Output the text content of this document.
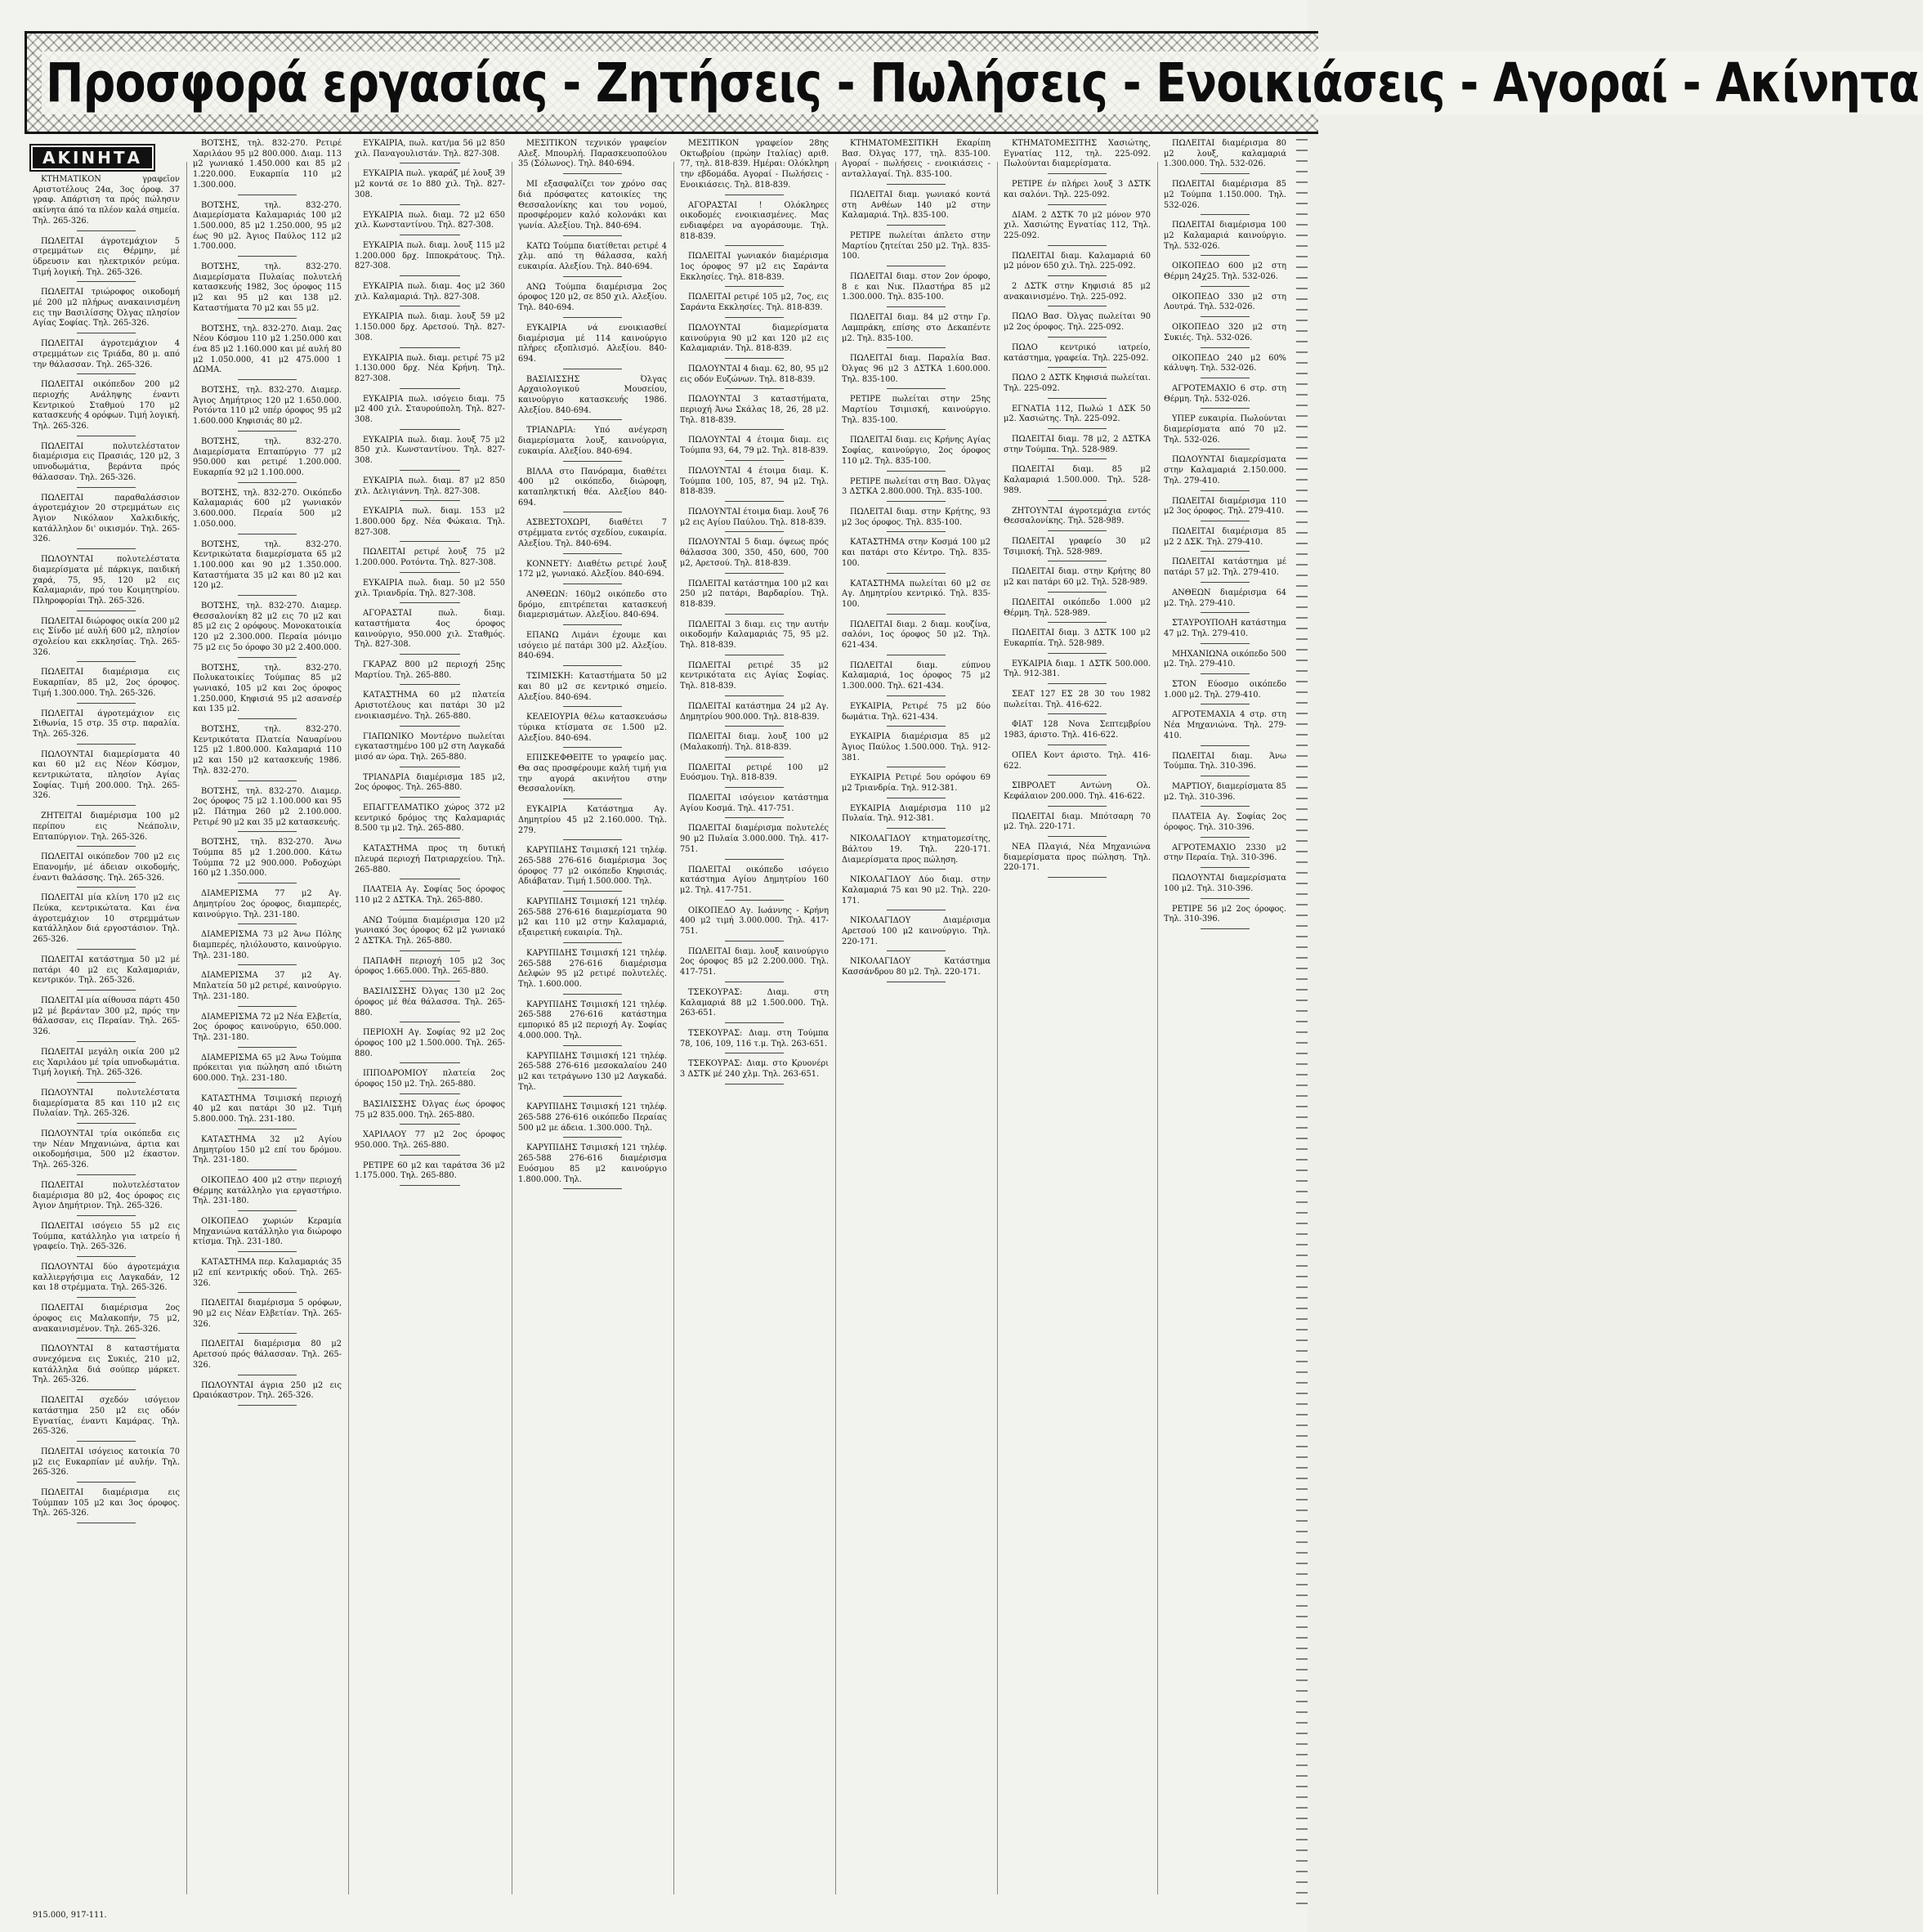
Προσφορά εργασίας - Ζητήσεις - Πωλήσεις - Ενοικιάσεις - Αγοραί - Ακίνητα
ΑΚΙΝΗΤΑ

ΚΤΗΜΑΤΙΚΟΝ γραφεϊον Αριστοτέλους 24α, 3ος όροφ. 37 γραφ. Απάρτιση τα πρός πώλησιν ακίνητα άπό τα πλέον καλά σημεία. Τηλ. 265-326.

ΠΩΛΕΙΤΑΙ άγροτεμάχιον 5 στρεμμάτων εις Θέρμην, μέ ύδρευσιν και ηλεκτρικόν ρεύμα. Τιμή λογική. Τηλ. 265-326.

ΠΩΛΕΙΤΑΙ τριώροφος οικοδομή μέ 200 μ2 πλήρως ανακαινισμένη εις την Βασιλίσσης Όλγας πλησίον Αγίας Σοφίας. Τηλ. 265-326.

ΠΩΛΕΙΤΑΙ άγροτεμάχιον 4 στρεμμάτων εις Τριάδα, 80 μ. από την θάλασσαν. Τηλ. 265-326.

ΠΩΛΕΙΤΑΙ οικόπεδον 200 μ2 περιοχής Ανάληψης έναντι Κεντρικού Σταθμού 170 μ2 κατασκευής 4 ορόφων. Τιμή λογική. Τηλ. 265-326.

ΠΩΛΕΙΤΑΙ πολυτελέστατον διαμέρισμα εις Πρασιάς, 120 μ2, 3 υπνοδωμάτια, βεράντα πρός θάλασσαν. Τηλ. 265-326.

ΠΩΛΕΙΤΑΙ παραθαλάσσιον άγροτεμάχιον 20 στρεμμάτων εις Άγιον Νικόλαον Χαλκιδικής, κατάλληλον δι' οικισμόν. Τηλ. 265-326.

ΠΩΛΟΥΝΤΑΙ πολυτελέστατα διαμερίσματα μέ πάρκιγκ, παιδική χαρά, 75, 95, 120 μ2 εις Καλαμαριάν, πρό του Κοιμητηρίου. Πληροφορίαι Τηλ. 265-326.

ΠΩΛΕΙΤΑΙ διώροφος οικία 200 μ2 εις Σίνδο μέ αυλή 600 μ2, πλησίον σχολείου και εκκλησίας. Τηλ. 265-326.

ΠΩΛΕΙΤΑΙ διαμέρισμα εις Ευκαρπίαν, 85 μ2, 2ος όροφος. Τιμή 1.300.000. Τηλ. 265-326.

ΠΩΛΕΙΤΑΙ άγροτεμάχιον εις Σιθωνία, 15 στρ. 35 στρ. παραλία. Τηλ. 265-326.

ΠΩΛΟΥΝΤΑΙ διαμερίσματα 40 και 60 μ2 εις Νέον Κόσμον, κεντρικώτατα, πλησίον Αγίας Σοφίας. Τιμή 200.000. Τηλ. 265-326.

ΖΗΤΕΙΤΑΙ διαμέρισμα 100 μ2 περίπου εις Νεάπολιν, Επταπύργιον. Τηλ. 265-326.

ΠΩΛΕΙΤΑΙ οικόπεδον 700 μ2 εις Επανομήν, μέ άδειαν οικοδομής, έναντι θαλάσσης. Τηλ. 265-326.

ΠΩΛΕΙΤΑΙ μία κλίνη 170 μ2 εις Πεύκα, κεντρικώτατα. Και ένα άγροτεμάχιον 10 στρεμμάτων κατάλληλον διά εργοστάσιον. Τηλ. 265-326.

ΠΩΛΕΙΤΑΙ κατάστημα 50 μ2 μέ πατάρι 40 μ2 εις Καλαμαριάν, κεντρικόν. Τηλ. 265-326.

ΠΩΛΕΙΤΑΙ μία αίθουσα πάρτι 450 μ2 μέ βεράνταν 300 μ2, πρός την θάλασσαν, εις Περαίαν. Τηλ. 265-326.

ΠΩΛΕΙΤΑΙ μεγάλη οικία 200 μ2 εις Χαριλάου μέ τρία υπνοδωμάτια. Τιμή λογική. Τηλ. 265-326.

ΠΩΛΟΥΝΤΑΙ πολυτελέστατα διαμερίσματα 85 και 110 μ2 εις Πυλαίαν. Τηλ. 265-326.

ΠΩΛΟΥΝΤΑΙ τρία οικόπεδα εις την Νέαν Μηχανιώνα, άρτια και οικοδομήσιμα, 500 μ2 έκαστον. Τηλ. 265-326.

ΠΩΛΕΙΤΑΙ πολυτελέστατον διαμέρισμα 80 μ2, 4ος όροφος εις Άγιον Δημήτριον. Τηλ. 265-326.

ΠΩΛΕΙΤΑΙ ισόγειο 55 μ2 εις Τούμπα, κατάλληλο για ιατρείο ή γραφείο. Τηλ. 265-326.

ΠΩΛΟΥΝΤΑΙ δύο άγροτεμάχια καλλιεργήσιμα εις Λαγκαδάν, 12 και 18 στρέμματα. Τηλ. 265-326.

ΠΩΛΕΙΤΑΙ διαμέρισμα 2ος όροφος εις Μαλακοπήν, 75 μ2, ανακαινισμένον. Τηλ. 265-326.

ΠΩΛΟΥΝΤΑΙ 8 καταστήματα συνεχόμενα εις Συκιές, 210 μ2, κατάλληλα διά σούπερ μάρκετ. Τηλ. 265-326.

ΠΩΛΕΙΤΑΙ σχεδόν ισόγειον κατάστημα 250 μ2 εις οδόν Εγνατίας, έναντι Καμάρας. Τηλ. 265-326.

ΠΩΛΕΙΤΑΙ ισόγειος κατοικία 70 μ2 εις Ευκαρπίαν μέ αυλήν. Τηλ. 265-326.

ΠΩΛΕΙΤΑΙ διαμέρισμα εις Τούμπαν 105 μ2 και 3ος όροφος. Τηλ. 265-326.

ΒΟΤΣΗΣ, τηλ. 832-270. Ρετιρέ Χαριλάου 95 μ2 800.000. Διαμ. 113 μ2 γωνιακό 1.450.000 και 85 μ2 1.220.000. Ευκαρπία 110 μ2 1.300.000.

ΒΟΤΣΗΣ, τηλ. 832-270. Διαμερίσματα Καλαμαριάς 100 μ2 1.500.000, 85 μ2 1.250.000, 95 μ2 έως 90 μ2. Άγιος Παύλος 112 μ2 1.700.000.

ΒΟΤΣΗΣ, τηλ. 832-270. Διαμερίσματα Πυλαίας πολυτελή κατασκευής 1982, 3ος όροφος 115 μ2 και 95 μ2 και 138 μ2. Καταστήματα 70 μ2 και 55 μ2.

ΒΟΤΣΗΣ, τηλ. 832-270. Διαμ. 2ας Νέου Κόσμου 110 μ2 1.250.000 και ένα 85 μ2 1.160.000 και μέ αυλή 80 μ2 1.050.000, 41 μ2 475.000 1 ΔΩΜΑ.

ΒΟΤΣΗΣ, τηλ. 832-270. Διαμερ. Άγιος Δημήτριος 120 μ2 1.650.000. Ροτόντα 110 μ2 υπέρ όροφος 95 μ2 1.600.000 Κηφισιάς 80 μ2.

ΒΟΤΣΗΣ, τηλ. 832-270. Διαμερίσματα Επταπύργιο 77 μ2 950.000 και ρετιρέ 1.200.000. Ευκαρπία 92 μ2 1.100.000.

ΒΟΤΣΗΣ, τηλ. 832-270. Οικόπεδο Καλαμαριάς 600 μ2 γωνιακόν 3.600.000. Περαία 500 μ2 1.050.000.

ΒΟΤΣΗΣ, τηλ. 832-270. Κεντρικώτατα διαμερίσματα 65 μ2 1.100.000 και 90 μ2 1.350.000. Καταστήματα 35 μ2 και 80 μ2 και 120 μ2.

ΒΟΤΣΗΣ, τηλ. 832-270. Διαμερ. Θεσσαλονίκη 82 μ2 εις 70 μ2 και 85 μ2 εις 2 ορόφους. Μονοκατοικία 120 μ2 2.300.000. Περαία μόνιμο 75 μ2 εις 5ο όροφο 30 μ2 2.400.000.

ΒΟΤΣΗΣ, τηλ. 832-270. Πολυκατοικίες Τούμπας 85 μ2 γωνιακό, 105 μ2 και 2ος όροφος 1.250.000, Κηφισιά 95 μ2 ασανσέρ και 135 μ2.

ΒΟΤΣΗΣ, τηλ. 832-270. Κεντρικότατα Πλατεία Ναυαρίνου 125 μ2 1.800.000. Καλαμαριά 110 μ2 και 150 μ2 κατασκευής 1986. Τηλ. 832-270.

ΒΟΤΣΗΣ, τηλ. 832-270. Διαμερ. 2ος όροφος 75 μ2 1.100.000 και 95 μ2. Πάτημα 260 μ2 2.100.000. Ρετιρέ 90 μ2 και 35 μ2 κατασκευής.

ΒΟΤΣΗΣ, τηλ. 832-270. Άνω Τούμπα 85 μ2 1.200.000. Κάτω Τούμπα 72 μ2 900.000. Ροδοχώρι 160 μ2 1.350.000.

ΔΙΑΜΕΡΙΣΜΑ 77 μ2 Αγ. Δημητρίου 2ος όροφος, διαμπερές, καινούργιο. Τηλ. 231-180.

ΔΙΑΜΕΡΙΣΜΑ 73 μ2 Άνω Πόλης διαμπερές, ηλιόλουστο, καινούργιο. Τηλ. 231-180.

ΔΙΑΜΕΡΙΣΜΑ 37 μ2 Αγ. Μπλατεία 50 μ2 ρετιρέ, καινούργιο. Τηλ. 231-180.

ΔΙΑΜΕΡΙΣΜΑ 72 μ2 Νέα Ελβετία, 2ος όροφος καινούργιο, 650.000. Τηλ. 231-180.

ΔΙΑΜΕΡΙΣΜΑ 65 μ2 Άνω Τούμπα πρόκειται για πώληση από ιδιώτη 600.000. Τηλ. 231-180.

ΚΑΤΑΣΤΗΜΑ Τσιμισκή περιοχή 40 μ2 και πατάρι 30 μ2. Τιμή 5.800.000. Τηλ. 231-180.

ΚΑΤΑΣΤΗΜΑ 32 μ2 Αγίου Δημητρίου 150 μ2 επί του δρόμου. Τηλ. 231-180.

ΟΙΚΟΠΕΔΟ 400 μ2 στην περιοχή Θέρμης κατάλληλο για εργαστήριο. Τηλ. 231-180.

ΟΙΚΟΠΕΔΟ χωριών Κεραμία Μηχανιώνα κατάλληλο για διώροφο κτίσμα. Τηλ. 231-180.

ΚΑΤΑΣΤΗΜΑ περ. Καλαμαριάς 35 μ2 επί κεντρικής οδού. Τηλ. 265-326.

ΠΩΛΕΙΤΑΙ διαμέρισμα 5 ορόφων, 90 μ2 εις Νέαν Ελβετίαν. Τηλ. 265-326.

ΠΩΛΕΙΤΑΙ διαμέρισμα 80 μ2 Αρετσού πρός θάλασσαν. Τηλ. 265-326.

ΠΩΛΟΥΝΤΑΙ άγρια 250 μ2 εις Ωραιόκαστρον. Τηλ. 265-326.

ΕΥΚΑΙΡΙΑ, πωλ. κατ/μα 56 μ2 850 χιλ. Παναγουλιστάν. Τηλ. 827-308.

ΕΥΚΑΙΡΙΑ πωλ. γκαράζ μέ λουξ 39 μ2 κοντά σε 1ο 880 χιλ. Τηλ. 827-308.

ΕΥΚΑΙΡΙΑ πωλ. διαμ. 72 μ2 650 χιλ. Κωνσταντίνου. Τηλ. 827-308.

ΕΥΚΑΙΡΙΑ πωλ. διαμ. λουξ 115 μ2 1.200.000 δρχ. Ιπποκράτους. Τηλ. 827-308.

ΕΥΚΑΙΡΙΑ πωλ. διαμ. 4ος μ2 360 χιλ. Καλαμαριά. Τηλ. 827-308.

ΕΥΚΑΙΡΙΑ πωλ. διαμ. λουξ 59 μ2 1.150.000 δρχ. Αρετσού. Τηλ. 827-308.

ΕΥΚΑΙΡΙΑ πωλ. διαμ. ρετιρέ 75 μ2 1.130.000 δρχ. Νέα Κρήνη. Τηλ. 827-308.

ΕΥΚΑΙΡΙΑ πωλ. ισόγειο διαμ. 75 μ2 400 χιλ. Σταυρούπολη. Τηλ. 827-308.

ΕΥΚΑΙΡΙΑ πωλ. διαμ. λουξ 75 μ2 850 χιλ. Κωνσταντίνου. Τηλ. 827-308.

ΕΥΚΑΙΡΙΑ πωλ. διαμ. 87 μ2 850 χιλ. Δελιγιάννη. Τηλ. 827-308.

ΕΥΚΑΙΡΙΑ πωλ. διαμ. 153 μ2 1.800.000 δρχ. Νέα Φώκαια. Τηλ. 827-308.

ΠΩΛΕΙΤΑΙ ρετιρέ λουξ 75 μ2 1.200.000. Ροτόντα. Τηλ. 827-308.

ΕΥΚΑΙΡΙΑ πωλ. διαμ. 50 μ2 550 χιλ. Τριανδρία. Τηλ. 827-308.

ΑΓΟΡΑΣΤΑΙ πωλ. διαμ. καταστήματα 4ος όροφος καινούργιο, 950.000 χιλ. Σταθμός. Τηλ. 827-308.

ΓΚΑΡΑΖ 800 μ2 περιοχή 25ης Μαρτίου. Τηλ. 265-880.

ΚΑΤΑΣΤΗΜΑ 60 μ2 πλατεία Αριστοτέλους και πατάρι 30 μ2 ενοικιασμένο. Τηλ. 265-880.

ΓΙΑΠΩΝΙΚΟ Μοντέρνο πωλείται εγκαταστημένο 100 μ2 στη Λαγκαδά μισό αν ώρα. Τηλ. 265-880.

ΤΡΙΑΝΔΡΙΑ διαμέρισμα 185 μ2, 2ος όροφος. Τηλ. 265-880.

ΕΠΑΓΓΕΛΜΑΤΙΚΟ χώρος 372 μ2 κεντρικό δρόμος της Καλαμαριάς 8.500 τμ μ2. Τηλ. 265-880.

ΚΑΤΑΣΤΗΜΑ προς τη δυτική πλευρά περιοχή Πατριαρχείου. Τηλ. 265-880.

ΠΛΑΤΕΙΑ Αγ. Σοφίας 5ος όροφος 110 μ2 2 ΔΣΤΚΑ. Τηλ. 265-880.

ΑΝΩ Τούμπα διαμέρισμα 120 μ2 γωνιακό 3ος όροφος 62 μ2 γωνιακό 2 ΔΣΤΚΑ. Τηλ. 265-880.

ΠΑΠΑΦΗ περιοχή 105 μ2 3ος όροφος 1.665.000. Τηλ. 265-880.

ΒΑΣΙΛΙΣΣΗΣ Όλγας 130 μ2 2ος όροφος μέ θέα θάλασσα. Τηλ. 265-880.

ΠΕΡΙΟΧΗ Αγ. Σοφίας 92 μ2 2ος όροφος 100 μ2 1.500.000. Τηλ. 265-880.

ΙΠΠΟΔΡΟΜΙΟΥ πλατεία 2ος όροφος 150 μ2. Τηλ. 265-880.

ΒΑΣΙΛΙΣΣΗΣ Όλγας έως όροφος 75 μ2 835.000. Τηλ. 265-880.

ΧΑΡΙΛΑΟΥ 77 μ2 2ος όροφος 950.000. Τηλ. 265-880.

ΡΕΤΙΡΕ 60 μ2 και ταράτσα 36 μ2 1.175.000. Τηλ. 265-880.

ΜΕΣΙΤΙΚΟΝ τεχνικόν γραφείον Αλεξ. Μπουρλή. Παρασκευοπούλου 35 (Σόλωνος). Τηλ. 840-694.

ΜΙ εξασφαλίζει τον χρόνο σας διά πρόσφατες κατοικίες της Θεσσαλονίκης και του νομού, προσφέρομεν καλό κολονάκι και γωνία. Αλεξίου. Τηλ. 840-694.

ΚΑΤΩ Τούμπα διατίθεται ρετιρέ 4 χλμ. από τη θάλασσα, καλή ευκαιρία. Αλεξίου. Τηλ. 840-694.

ΑΝΩ Τούμπα διαμέρισμα 2ος όροφος 120 μ2, σε 850 χιλ. Αλεξίου. Τηλ. 840-694.

ΕΥΚΑΙΡΙΑ νά ενοικιασθεί διαμέρισμα μέ 114 καινούργιο πλήρες εξοπλισμό. Αλεξίου. 840-694.

ΒΑΣΙΛΙΣΣΗΣ Όλγας Αρχαιολογικού Μουσείου, καινούργιο κατασκευής 1986. Αλεξίου. 840-694.

ΤΡΙΑΝΔΡΙΑ: Υπό ανέγερση διαμερίσματα λουξ, καινούργια, ευκαιρία. Αλεξίου. 840-694.

ΒΙΛΛΑ στο Πανόραμα, διαθέτει 400 μ2 οικόπεδο, διώροφη, καταπληκτική θέα. Αλεξίου 840-694.

ΑΣΒΕΣΤΟΧΩΡΙ, διαθέτει 7 στρέμματα εντός σχεδίου, ευκαιρία. Αλεξίου. Τηλ. 840-694.

ΚΟΝΝΕΤΥ: Διαθέτω ρετιρέ λουξ 172 μ2, γωνιακό. Αλεξίου. 840-694.

ΑΝΘΕΩΝ: 160μ2 οικόπεδο στο δρόμο, επιτρέπεται κατασκευή διαμερισμάτων. Αλεξίου. 840-694.

ΕΠΑΝΩ Λιμάνι έχουμε και ισόγειο μέ πατάρι 300 μ2. Αλεξίου. 840-694.

ΤΣΙΜΙΣΚΗ: Καταστήματα 50 μ2 και 80 μ2 σε κεντρικό σημείο. Αλεξίου. 840-694.

ΚΕΛΕΙΟΥΡΙΑ θέλω κατασκευάσω τύρικα κτίσματα σε 1.500 μ2. Αλεξίου. 840-694.

ΕΠΙΣΚΕΦΘΕΙΤΕ το γραφείο μας. Θα σας προσφέρουμε καλή τιμή για την αγορά ακινήτου στην Θεσσαλονίκη.

ΕΥΚΑΙΡΙΑ Κατάστημα Αγ. Δημητρίου 45 μ2 2.160.000. Τηλ. 279.

ΚΑΡΥΠΙΔΗΣ Τσιμισκή 121 τηλέφ. 265-588 276-616 διαμέρισμα 3ος όροφος 77 μ2 οικόπεδο Κηφισιάς. Αδιάβαταν. Τιμή 1.500.000. Τηλ.

ΚΑΡΥΠΙΔΗΣ Τσιμισκή 121 τηλέφ. 265-588 276-616 διαμερίσματα 90 μ2 και 110 μ2 στην Καλαμαριά, εξαιρετική ευκαιρία. Τηλ.

ΚΑΡΥΠΙΔΗΣ Τσιμισκή 121 τηλέφ. 265-588 276-616 διαμέρισμα Δελφών 95 μ2 ρετιρέ πολυτελές. Τηλ. 1.600.000.

ΚΑΡΥΠΙΔΗΣ Τσιμισκή 121 τηλέφ. 265-588 276-616 κατάστημα εμπορικό 85 μ2 περιοχή Αγ. Σοφίας 4.000.000. Τηλ.

ΚΑΡΥΠΙΔΗΣ Τσιμισκή 121 τηλέφ. 265-588 276-616 μεσοκαλαίου 240 μ2 και τετράγωνο 130 μ2 Λαγκαδά. Τηλ.

ΚΑΡΥΠΙΔΗΣ Τσιμισκή 121 τηλέφ. 265-588 276-616 οικόπεδο Περαίας 500 μ2 με άδεια. 1.300.000. Τηλ.

ΚΑΡΥΠΙΔΗΣ Τσιμισκή 121 τηλέφ. 265-588 276-616 διαμέρισμα Ευόσμου 85 μ2 καινούργιο 1.800.000. Τηλ.

ΜΕΣΙΤΙΚΟΝ γραφείον 28ης Οκτωβρίου (πρώην Ιταλίας) αριθ. 77, τηλ. 818-839. Ημέραι: Ολόκληρη την εβδομάδα. Αγοραί - Πωλήσεις - Ενοικιάσεις. Τηλ. 818-839.

ΑΓΟΡΑΣΤΑΙ ! Ολόκληρες οικοδομές ενοικιασμένες. Μας ενδιαφέρει να αγοράσουμε. Τηλ. 818-839.

ΠΩΛΕΙΤΑΙ γωνιακόν διαμέρισμα 1ος όροφος 97 μ2 εις Σαράντα Εκκλησίες. Τηλ. 818-839.

ΠΩΛΕΙΤΑΙ ρετιρέ 105 μ2, 7ος, εις Σαράντα Εκκλησίες. Τηλ. 818-839.

ΠΩΛΟΥΝΤΑΙ διαμερίσματα καινούργια 90 μ2 και 120 μ2 εις Καλαμαριάν. Τηλ. 818-839.

ΠΩΛΟΥΝΤΑΙ 4 διαμ. 62, 80, 95 μ2 εις οδόν Ευζώνων. Τηλ. 818-839.

ΠΩΛΟΥΝΤΑΙ 3 καταστήματα, περιοχή Άνω Σκάλας 18, 26, 28 μ2. Τηλ. 818-839.

ΠΩΛΟΥΝΤΑΙ 4 έτοιμα διαμ. εις Τούμπα 93, 64, 79 μ2. Τηλ. 818-839.

ΠΩΛΟΥΝΤΑΙ 4 έτοιμα διαμ. Κ. Τούμπα 100, 105, 87, 94 μ2. Τηλ. 818-839.

ΠΩΛΟΥΝΤΑΙ έτοιμα διαμ. λουξ 76 μ2 εις Αγίου Παύλου. Τηλ. 818-839.

ΠΩΛΟΥΝΤΑΙ 5 διαμ. όψεως πρός θάλασσα 300, 350, 450, 600, 700 μ2, Αρετσού. Τηλ. 818-839.

ΠΩΛΕΙΤΑΙ κατάστημα 100 μ2 και 250 μ2 πατάρι, Βαρδαρίου. Τηλ. 818-839.

ΠΩΛΕΙΤΑΙ 3 διαμ. εις την αυτήν οικοδομήν Καλαμαριάς 75, 95 μ2. Τηλ. 818-839.

ΠΩΛΕΙΤΑΙ ρετιρέ 35 μ2 κεντρικότατα εις Αγίας Σοφίας. Τηλ. 818-839.

ΠΩΛΕΙΤΑΙ κατάστημα 24 μ2 Αγ. Δημητρίου 900.000. Τηλ. 818-839.

ΠΩΛΕΙΤΑΙ διαμ. λουξ 100 μ2 (Μαλακοπή). Τηλ. 818-839.

ΠΩΛΕΙΤΑΙ ρετιρέ 100 μ2 Ευόσμου. Τηλ. 818-839.

ΠΩΛΕΙΤΑΙ ισόγειον κατάστημα Αγίου Κοσμά. Τηλ. 417-751.

ΠΩΛΕΙΤΑΙ διαμέρισμα πολυτελές 90 μ2 Πυλαία 3.000.000. Τηλ. 417-751.

ΠΩΛΕΙΤΑΙ οικόπεδο ισόγειο κατάστημα Αγίου Δημητρίου 160 μ2. Τηλ. 417-751.

ΟΙΚΟΠΕΔΟ Αγ. Ιωάννης - Κρήνη 400 μ2 τιμή 3.000.000. Τηλ. 417-751.

ΠΩΛΕΙΤΑΙ διαμ. λουξ καινούργιο 2ος όροφος 85 μ2 2.200.000. Τηλ. 417-751.

ΤΣΕΚΟΥΡΑΣ: Διαμ. στη Καλαμαριά 88 μ2 1.500.000. Τηλ. 263-651.

ΤΣΕΚΟΥΡΑΣ: Διαμ. στη Τούμπα 78, 106, 109, 116 τ.μ. Τηλ. 263-651.

ΤΣΕΚΟΥΡΑΣ: Διαμ. στο Κρυονέρι 3 ΔΣΤΚ μέ 240 χλμ. Τηλ. 263-651.

ΚΤΗΜΑΤΟΜΕΣΙΤΙΚΗ Εκαρίπη Βασ. Όλγας 177, τηλ. 835-100. Αγοραί - πωλήσεις - ενοικιάσεις - ανταλλαγαί. Τηλ. 835-100.

ΠΩΛΕΙΤΑΙ διαμ. γωνιακό κοντά στη Ανθέων 140 μ2 στην Καλαμαριά. Τηλ. 835-100.

ΡΕΤΙΡΕ πωλείται άπλετο στην Μαρτίου ζητείται 250 μ2. Τηλ. 835-100.

ΠΩΛΕΙΤΑΙ διαμ. στον 2ον όροφο, 8 ε και Νικ. Πλαστήρα 85 μ2 1.300.000. Τηλ. 835-100.

ΠΩΛΕΙΤΑΙ διαμ. 84 μ2 στην Γρ. Λαμπράκη, επίσης στο Δεκαπέντε μ2. Τηλ. 835-100.

ΠΩΛΕΙΤΑΙ διαμ. Παραλία Βασ. Όλγας 96 μ2 3 ΔΣΤΚΑ 1.600.000. Τηλ. 835-100.

ΡΕΤΙΡΕ πωλείται στην 25ης Μαρτίου Τσιμισκή, καινούργιο. Τηλ. 835-100.

ΠΩΛΕΙΤΑΙ διαμ. εις Κρήνης Αγίας Σοφίας, καινούργιο, 2ος όροφος 110 μ2. Τηλ. 835-100.

ΡΕΤΙΡΕ πωλείται στη Βασ. Όλγας 3 ΔΣΤΚΑ 2.800.000. Τηλ. 835-100.

ΠΩΛΕΙΤΑΙ διαμ. στην Κρήτης, 93 μ2 3ος όροφος. Τηλ. 835-100.

ΚΑΤΑΣΤΗΜΑ στην Κοσμά 100 μ2 και πατάρι στο Κέντρο. Τηλ. 835-100.

ΚΑΤΑΣΤΗΜΑ πωλείται 60 μ2 σε Αγ. Δημητρίου κεντρικό. Τηλ. 835-100.

ΠΩΛΕΙΤΑΙ διαμ. 2 διαμ. κουζίνα, σαλόνι, 1ος όροφος 50 μ2. Τηλ. 621-434.

ΠΩΛΕΙΤΑΙ διαμ. εύπνου Καλαμαριά, 1ος όροφος 75 μ2 1.300.000. Τηλ. 621-434.

ΕΥΚΑΙΡΙΑ, Ρετιρέ 75 μ2 δύο δωμάτια. Τηλ. 621-434.

ΕΥΚΑΙΡΙΑ διαμέρισμα 85 μ2 Άγιος Παύλος 1.500.000. Τηλ. 912-381.

ΕΥΚΑΙΡΙΑ Ρετιρέ 5ου ορόφου 69 μ2 Τριανδρία. Τηλ. 912-381.

ΕΥΚΑΙΡΙΑ Διαμέρισμα 110 μ2 Πυλαία. Τηλ. 912-381.

ΝΙΚΟΛΑΓΙΔΟΥ κτηματομεσίτης, Βάλτου 19. Τηλ. 220-171. Διαμερίσματα προς πώληση.

ΝΙΚΟΛΑΓΙΔΟΥ Δύο διαμ. στην Καλαμαριά 75 και 90 μ2. Τηλ. 220-171.

ΝΙΚΟΛΑΓΙΔΟΥ Διαμέρισμα Αρετσού 100 μ2 καινούργιο. Τηλ. 220-171.

ΝΙΚΟΛΑΓΙΔΟΥ Κατάστημα Κασσάνδρου 80 μ2. Τηλ. 220-171.

ΚΤΗΜΑΤΟΜΕΣΙΤΗΣ Χασιώτης, Εγνατίας 112, τηλ. 225-092. Πωλούνται διαμερίσματα.

ΡΕΤΙΡΕ έν πλήρει λουξ 3 ΔΣΤΚ και σαλόνι. Τηλ. 225-092.

ΔΙΑΜ. 2 ΔΣΤΚ 70 μ2 μόνον 970 χιλ. Χασιώτης Εγνατίας 112, Τηλ. 225-092.

ΠΩΛΕΙΤΑΙ διαμ. Καλαμαριά 60 μ2 μόνον 650 χιλ. Τηλ. 225-092.

2 ΔΣΤΚ στην Κηφισιά 85 μ2 ανακαινισμένο. Τηλ. 225-092.

ΠΩΛΟ Βασ. Όλγας πωλείται 90 μ2 2ος όροφος. Τηλ. 225-092.

ΠΩΛΟ κεντρικό ιατρείο, κατάστημα, γραφεία. Τηλ. 225-092.

ΠΩΛΟ 2 ΔΣΤΚ Κηφισιά πωλείται. Τηλ. 225-092.

ΕΓΝΑΤΙΑ 112, Πωλώ 1 ΔΣΚ 50 μ2. Χασιώτης. Τηλ. 225-092.

ΠΩΛΕΙΤΑΙ διαμ. 78 μ2, 2 ΔΣΤΚΑ στην Τούμπα. Τηλ. 528-989.

ΠΩΛΕΙΤΑΙ διαμ. 85 μ2 Καλαμαριά 1.500.000. Τηλ. 528-989.

ΖΗΤΟΥΝΤΑΙ άγροτεμάχια εντός Θεσσαλονίκης. Τηλ. 528-989.

ΠΩΛΕΙΤΑΙ γραφείο 30 μ2 Τσιμισκή. Τηλ. 528-989.

ΠΩΛΕΙΤΑΙ διαμ. στην Κρήτης 80 μ2 και πατάρι 60 μ2. Τηλ. 528-989.

ΠΩΛΕΙΤΑΙ οικόπεδο 1.000 μ2 Θέρμη. Τηλ. 528-989.

ΠΩΛΕΙΤΑΙ διαμ. 3 ΔΣΤΚ 100 μ2 Ευκαρπία. Τηλ. 528-989.

ΕΥΚΑΙΡΙΑ διαμ. 1 ΔΣΤΚ 500.000. Τηλ. 912-381.

ΣΕΑΤ 127 ΕΣ 28 30 του 1982 πωλείται. Τηλ. 416-622.

ΦΙΑΤ 128 Nova Σεπτεμβρίου 1983, άριστο. Τηλ. 416-622.

ΟΠΕΛ Κοντ άριστο. Τηλ. 416-622.

ΣΙΒΡΟΛΕΤ Αντώνη Ολ. Κεφάλαιον 200.000. Τηλ. 416-622.

ΠΩΛΕΙΤΑΙ διαμ. Μπότσαρη 70 μ2. Τηλ. 220-171.

ΝΕΑ Πλαγιά, Νέα Μηχανιώνα διαμερίσματα προς πώληση. Τηλ. 220-171.

ΠΩΛΕΙΤΑΙ διαμέρισμα 80 μ2 λουξ, καλαμαριά 1.300.000. Τηλ. 532-026.

ΠΩΛΕΙΤΑΙ διαμέρισμα 85 μ2 Τούμπα 1.150.000. Τηλ. 532-026.

ΠΩΛΕΙΤΑΙ διαμέρισμα 100 μ2 Καλαμαριά καινούργιο. Τηλ. 532-026.

ΟΙΚΟΠΕΔΟ 600 μ2 στη Θέρμη 24χ25. Τηλ. 532-026.

ΟΙΚΟΠΕΔΟ 330 μ2 στη Λουτρά. Τηλ. 532-026.

ΟΙΚΟΠΕΔΟ 320 μ2 στη Συκιές. Τηλ. 532-026.

ΟΙΚΟΠΕΔΟ 240 μ2 60% κάλυψη. Τηλ. 532-026.

ΑΓΡΟΤΕΜΑΧΙΟ 6 στρ. στη Θέρμη. Τηλ. 532-026.

ΥΠΕΡ ευκαιρία. Πωλούνται διαμερίσματα από 70 μ2. Τηλ. 532-026.

ΠΩΛΟΥΝΤΑΙ διαμερίσματα στην Καλαμαριά 2.150.000. Τηλ. 279-410.

ΠΩΛΕΙΤΑΙ διαμέρισμα 110 μ2 3ος όροφος. Τηλ. 279-410.

ΠΩΛΕΙΤΑΙ διαμέρισμα 85 μ2 2 ΔΣΚ. Τηλ. 279-410.

ΠΩΛΕΙΤΑΙ κατάστημα μέ πατάρι 57 μ2. Τηλ. 279-410.

ΑΝΘΕΩΝ διαμέρισμα 64 μ2. Τηλ. 279-410.

ΣΤΑΥΡΟΥΠΟΛΗ κατάστημα 47 μ2. Τηλ. 279-410.

ΜΗΧΑΝΙΩΝΑ οικόπεδο 500 μ2. Τηλ. 279-410.

ΣΤΟΝ Εύοσμο οικόπεδο 1.000 μ2. Τηλ. 279-410.

ΑΓΡΟΤΕΜΑΧΙΑ 4 στρ. στη Νέα Μηχανιώνα. Τηλ. 279-410.

ΠΩΛΕΙΤΑΙ διαμ. Άνω Τούμπα. Τηλ. 310-396.

ΜΑΡΤΙΟΥ, διαμερίσματα 85 μ2. Τηλ. 310-396.

ΠΛΑΤΕΙΑ Αγ. Σοφίας 2ος όροφος. Τηλ. 310-396.

ΑΓΡΟΤΕΜΑΧΙΟ 2330 μ2 στην Περαία. Τηλ. 310-396.

ΠΩΛΟΥΝΤΑΙ διαμερίσματα 100 μ2. Τηλ. 310-396.

ΡΕΤΙΡΕ 56 μ2 2ος όροφος. Τηλ. 310-396.

915.000, 917-111.
